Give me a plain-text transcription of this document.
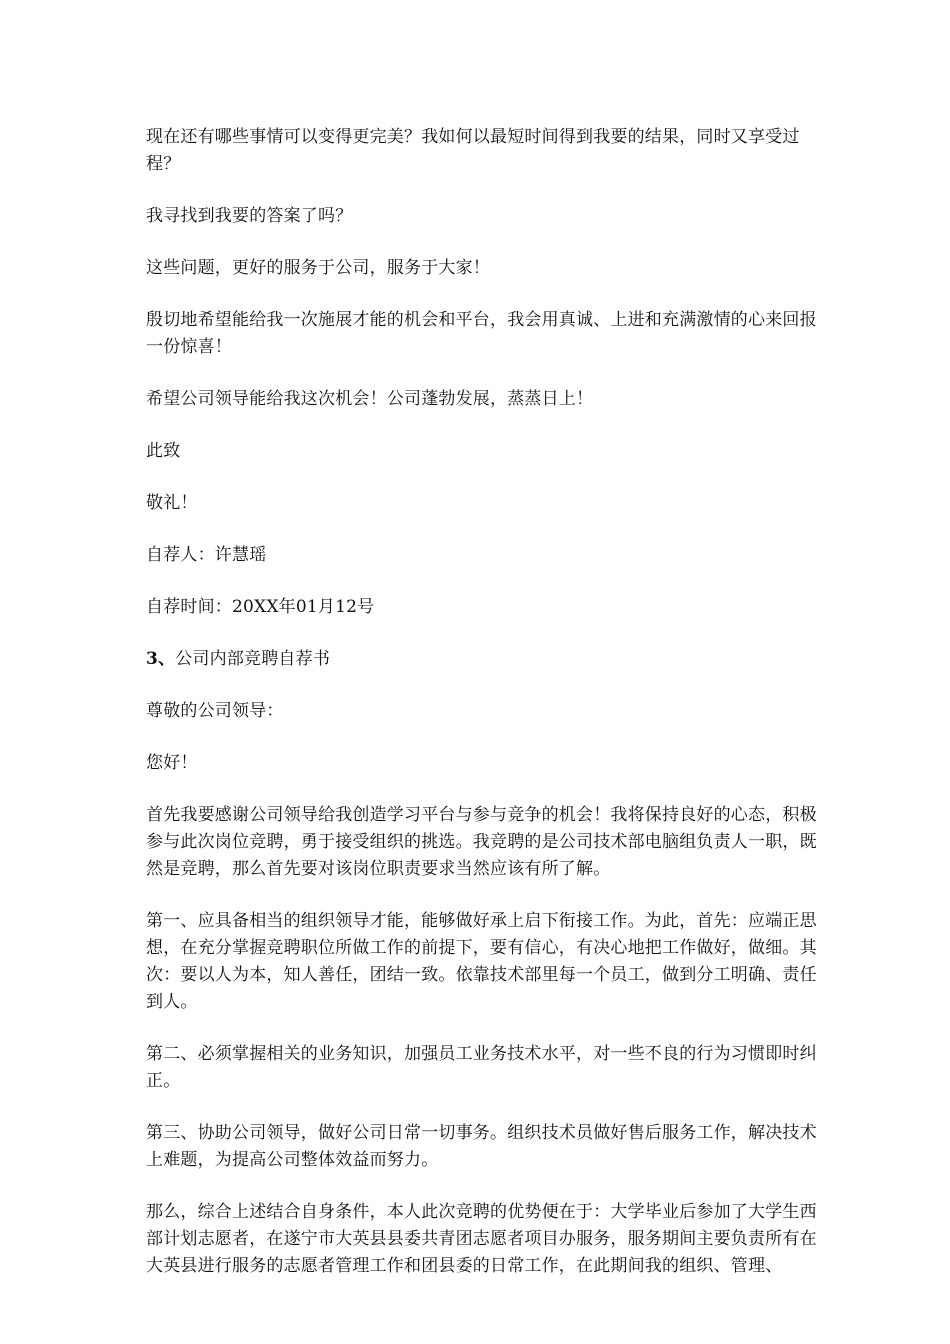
现在还有哪些事情可以变得更完美？我如何以最短时间得到我要的结果，同时又享受过程？

我寻找到我要的答案了吗？

这些问题，更好的服务于公司，服务于大家！

殷切地希望能给我一次施展才能的机会和平台，我会用真诚、上进和充满激情的心来回报一份惊喜！

希望公司领导能给我这次机会！公司蓬勃发展，蒸蒸日上！

此致

敬礼！

自荐人：许慧瑶

自荐时间：20XX年01月12号

3、公司内部竞聘自荐书

尊敬的公司领导：

您好！

首先我要感谢公司领导给我创造学习平台与参与竞争的机会！我将保持良好的心态，积极参与此次岗位竞聘，勇于接受组织的挑选。我竞聘的是公司技术部电脑组负责人一职，既然是竞聘，那么首先要对该岗位职责要求当然应该有所了解。

第一、应具备相当的组织领导才能，能够做好承上启下衔接工作。为此，首先：应端正思想，在充分掌握竞聘职位所做工作的前提下，要有信心，有决心地把工作做好，做细。其次：要以人为本，知人善任，团结一致。依靠技术部里每一个员工，做到分工明确、责任到人。

第二、必须掌握相关的业务知识，加强员工业务技术水平，对一些不良的行为习惯即时纠正。

第三、协助公司领导，做好公司日常一切事务。组织技术员做好售后服务工作，解决技术上难题，为提高公司整体效益而努力。

那么，综合上述结合自身条件，本人此次竞聘的优势便在于：大学毕业后参加了大学生西部计划志愿者，在遂宁市大英县县委共青团志愿者项目办服务，服务期间主要负责所有在大英县进行服务的志愿者管理工作和团县委的日常工作，在此期间我的组织、管理、
